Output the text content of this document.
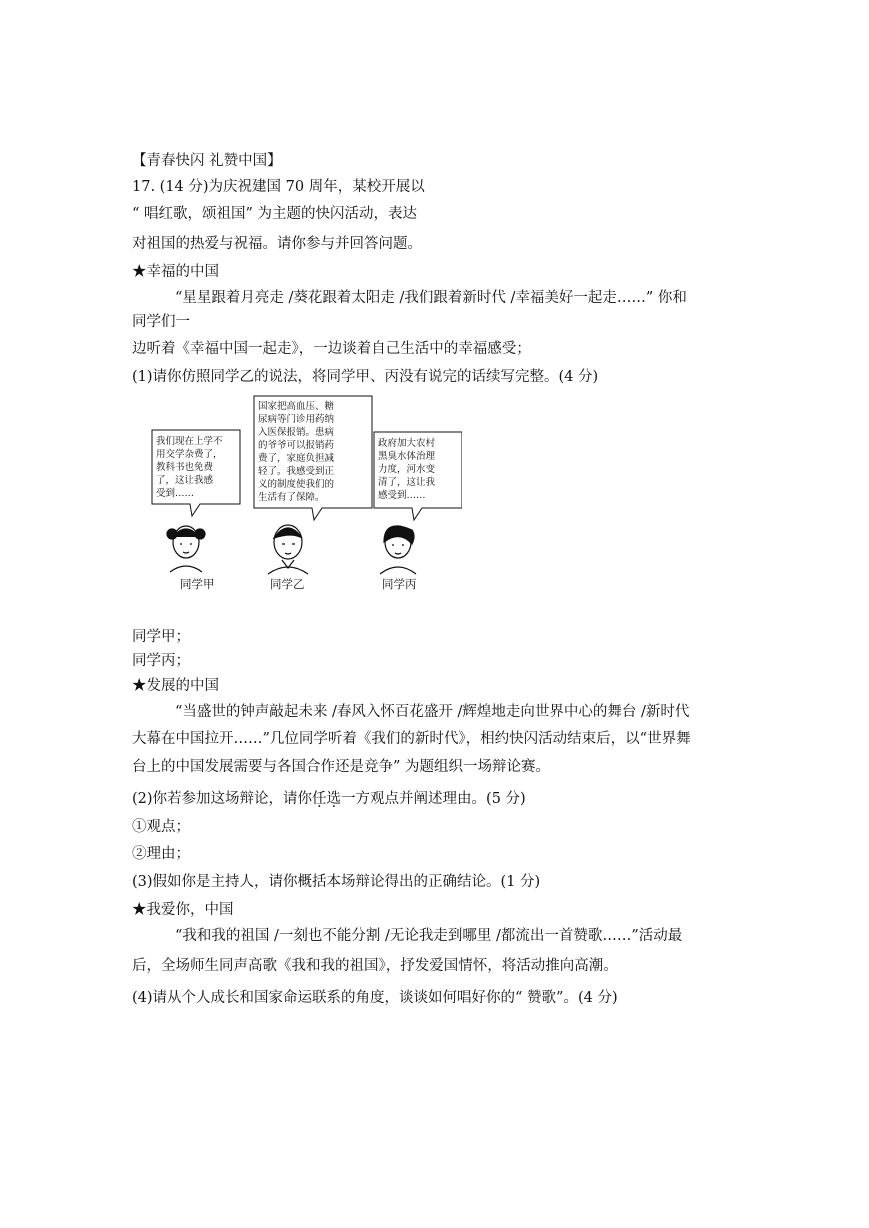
【青春快闪 礼赞中国】
17. (14 分)为庆祝建国 70 周年，某校开展以
“ 唱红歌，颂祖国” 为主题的快闪活动，表达
对祖国的热爱与祝福。请你参与并回答问题。
★幸福的中国
“星星跟着月亮走 /葵花跟着太阳走 /我们跟着新时代 /幸福美好一起走……” 你和
同学们一
边听着《幸福中国一起走》，一边谈着自己生活中的幸福感受；
(1)请你仿照同学乙的说法，将同学甲、丙没有说完的话续写完整。(4 分)
我们现在上学不
用交学杂费了，
教科书也免费
了，这让我感
受到……
国家把高血压、糖
尿病等门诊用药纳
入医保报销。患病
的爷爷可以报销药
费了，家庭负担减
轻了。我感受到正
义的制度使我们的
生活有了保障。
政府加大农村
黑臭水体治理
力度，河水变
清了，这让我
感受到……
同学甲	同学乙	同学丙
同学甲；
同学丙；
★发展的中国
“当盛世的钟声敲起未来 /春风入怀百花盛开 /辉煌地走向世界中心的舞台 /新时代
大幕在中国拉开……”几位同学听着《我们的新时代》，相约快闪活动结束后，以“世界舞
台上的中国发展需要与各国合作还是竞争” 为题组织一场辩论赛。
(2)你若参加这场辩论，请你任选一方观点并阐述理由。(5 分)
①观点；
②理由；
(3)假如你是主持人，请你概括本场辩论得出的正确结论。(1 分)
★我爱你，中国
“我和我的祖国 /一刻也不能分割 /无论我走到哪里 /都流出一首赞歌……”活动最
后，全场师生同声高歌《我和我的祖国》，抒发爱国情怀，将活动推向高潮。
(4)请从个人成长和国家命运联系的角度，谈谈如何唱好你的“ 赞歌”。(4 分)
